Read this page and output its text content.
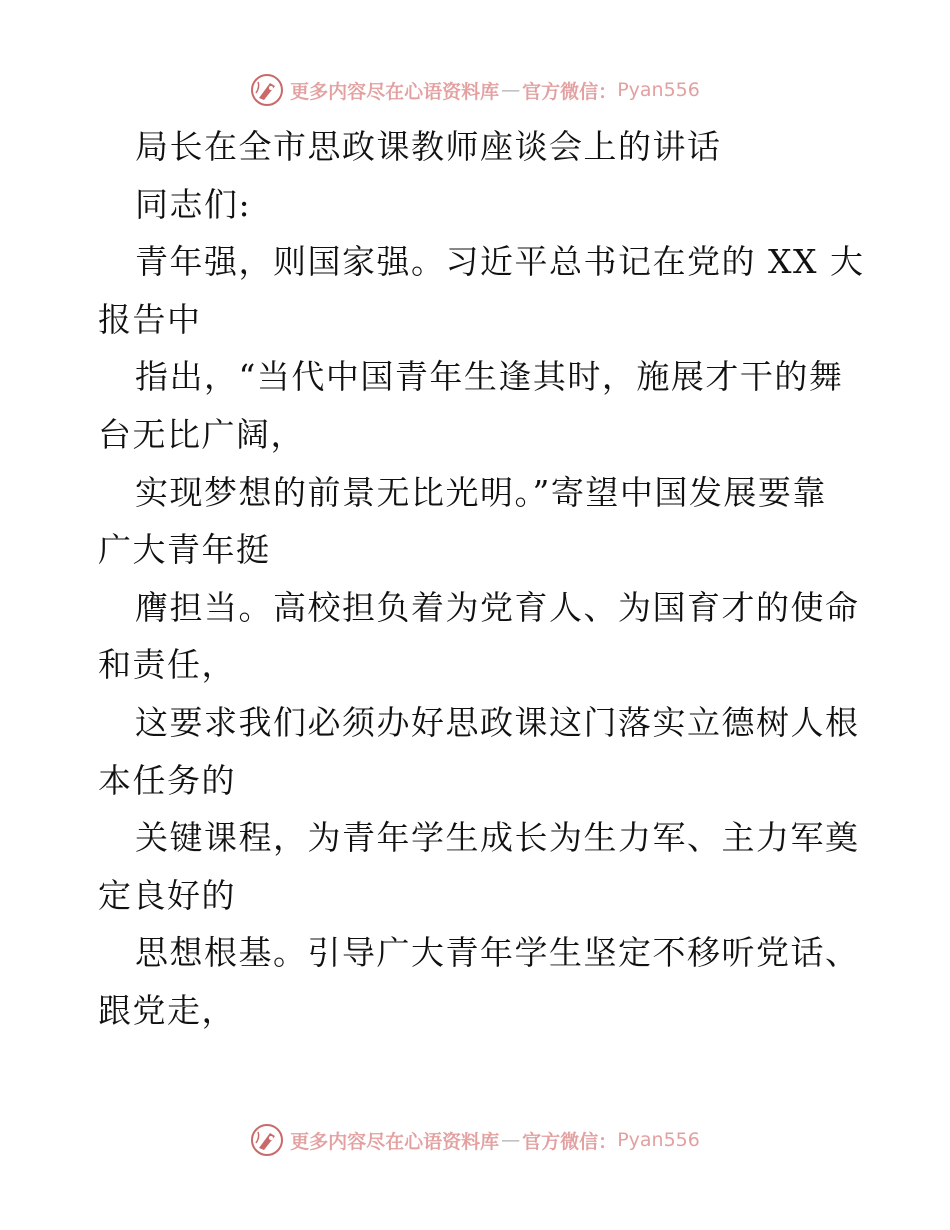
更多内容尽在心语资料库 — 官方微信： Pyan556
局长在全市思政课教师座谈会上的讲话
同志们:
青年强，则国家强。习近平总书记在党的 XX 大
报告中
指出，“当代中国青年生逢其时，施展才干的舞
台无比广阔，
实现梦想的前景无比光明。”寄望中国发展要靠
广大青年挺
膺担当。高校担负着为党育人、为国育才的使命
和责任，
这要求我们必须办好思政课这门落实立德树人根
本任务的
关键课程，为青年学生成长为生力军、主力军奠
定良好的
思想根基。引导广大青年学生坚定不移听党话、
跟党走，
更多内容尽在心语资料库 — 官方微信： Pyan556
